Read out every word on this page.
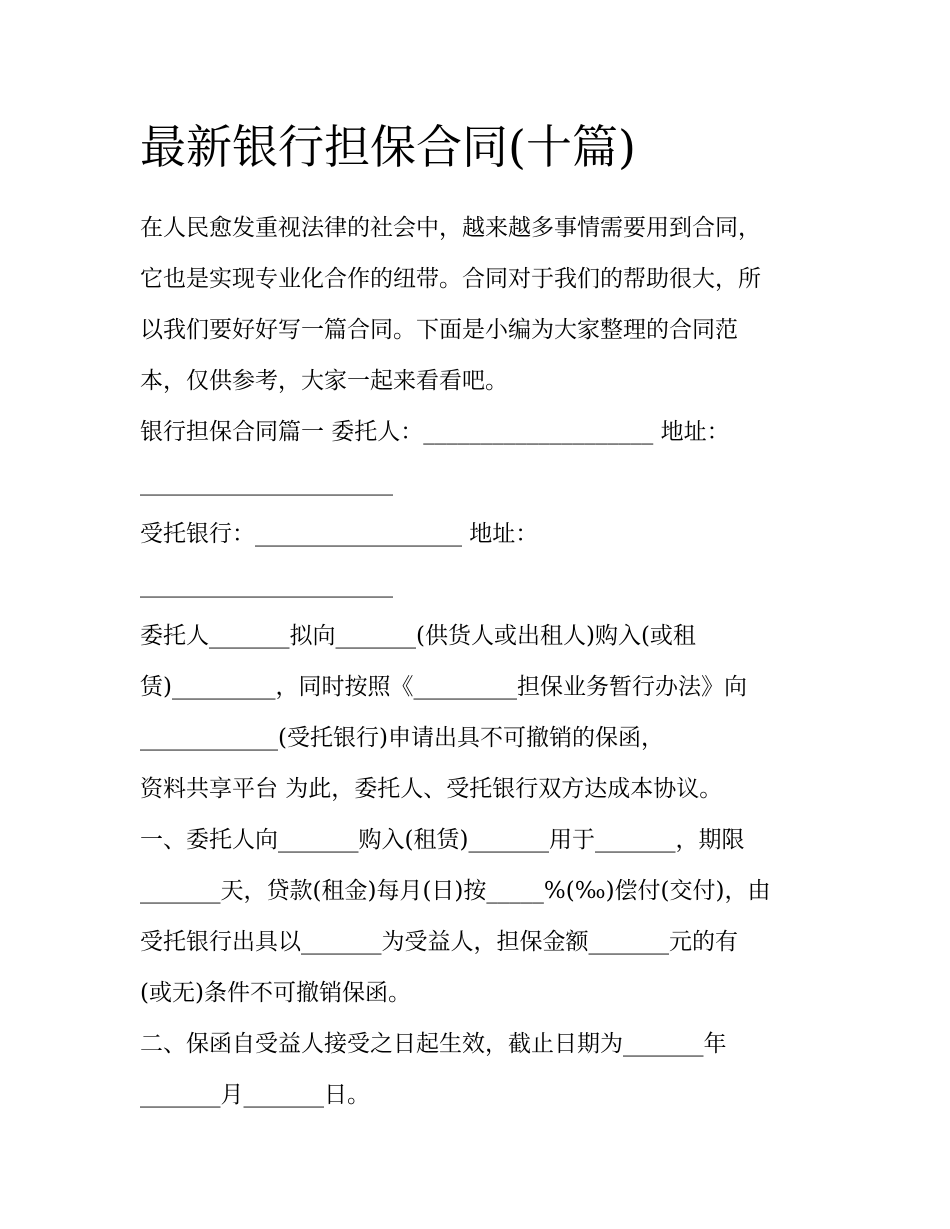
最新银行担保合同(十篇)
在人民愈发重视法律的社会中，越来越多事情需要用到合同，
它也是实现专业化合作的纽带。合同对于我们的帮助很大，所
以我们要好好写一篇合同。下面是小编为大家整理的合同范
本，仅供参考，大家一起来看看吧。
银行担保合同篇一 委托人：____________________ 地址：
______________________
受托银行：__________________ 地址：
______________________
委托人_______拟向_______(供货人或出租人)购入(或租
赁)_________，同时按照《_________担保业务暂行办法》向
____________(受托银行)申请出具不可撤销的保函，
资料共享平台 为此，委托人、受托银行双方达成本协议。
一、委托人向_______购入(租赁)_______用于_______，期限
_______天，贷款(租金)每月(日)按_____%(‰)偿付(交付)，由
受托银行出具以_______为受益人，担保金额_______元的有
(或无)条件不可撤销保函。
二、保函自受益人接受之日起生效，截止日期为_______年
_______月_______日。
